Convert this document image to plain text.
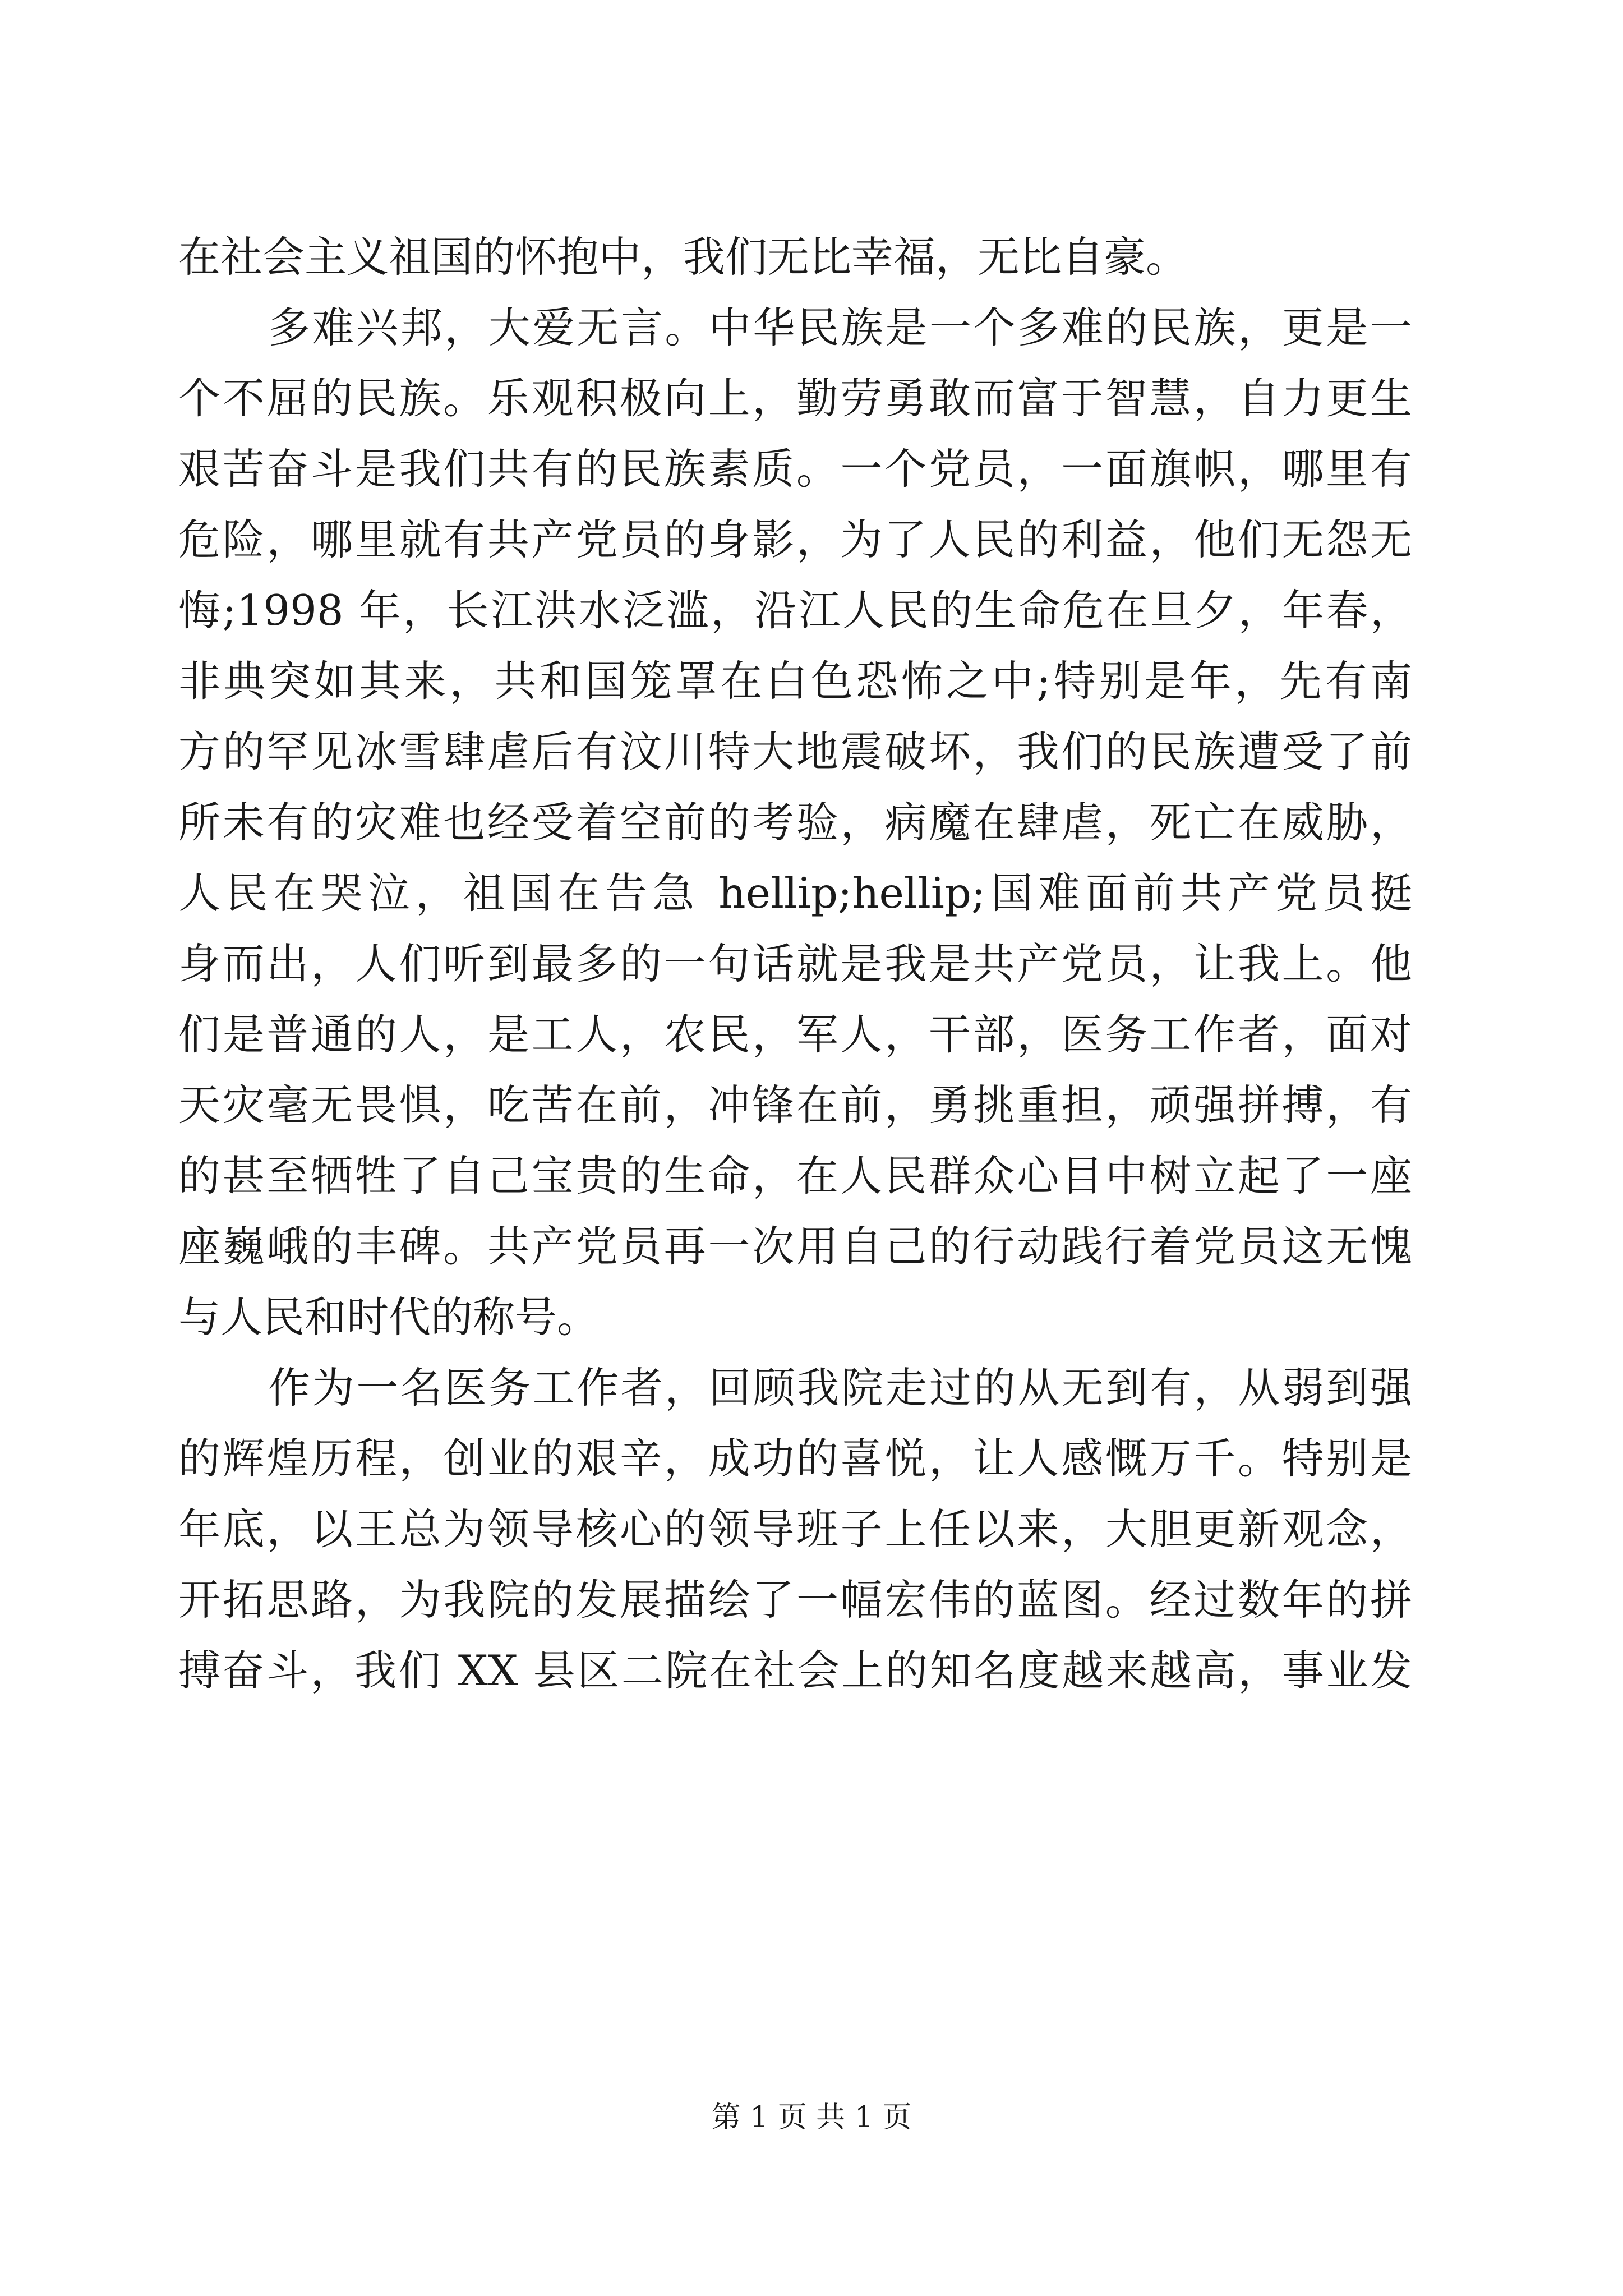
在社会主义祖国的怀抱中，我们无比幸福，无比自豪。
多难兴邦，大爱无言。中华民族是一个多难的民族，更是一
个不屈的民族。乐观积极向上，勤劳勇敢而富于智慧，自力更生
艰苦奋斗是我们共有的民族素质。一个党员，一面旗帜，哪里有
危险，哪里就有共产党员的身影，为了人民的利益，他们无怨无
悔;1998 年，长江洪水泛滥，沿江人民的生命危在旦夕，年春，
非典突如其来，共和国笼罩在白色恐怖之中;特别是年，先有南
方的罕见冰雪肆虐后有汶川特大地震破坏，我们的民族遭受了前
所未有的灾难也经受着空前的考验，病魔在肆虐，死亡在威胁，
人民在哭泣，祖国在告急 hellip;hellip;国难面前共产党员挺
身而出，人们听到最多的一句话就是我是共产党员，让我上。他
们是普通的人，是工人，农民，军人，干部，医务工作者，面对
天灾毫无畏惧，吃苦在前，冲锋在前，勇挑重担，顽强拼搏，有
的甚至牺牲了自己宝贵的生命，在人民群众心目中树立起了一座
座巍峨的丰碑。共产党员再一次用自己的行动践行着党员这无愧
与人民和时代的称号。
作为一名医务工作者，回顾我院走过的从无到有，从弱到强
的辉煌历程，创业的艰辛，成功的喜悦，让人感慨万千。特别是
年底，以王总为领导核心的领导班子上任以来，大胆更新观念，
开拓思路，为我院的发展描绘了一幅宏伟的蓝图。经过数年的拼
搏奋斗，我们 XX 县区二院在社会上的知名度越来越高，事业发
第 1 页 共 1 页
